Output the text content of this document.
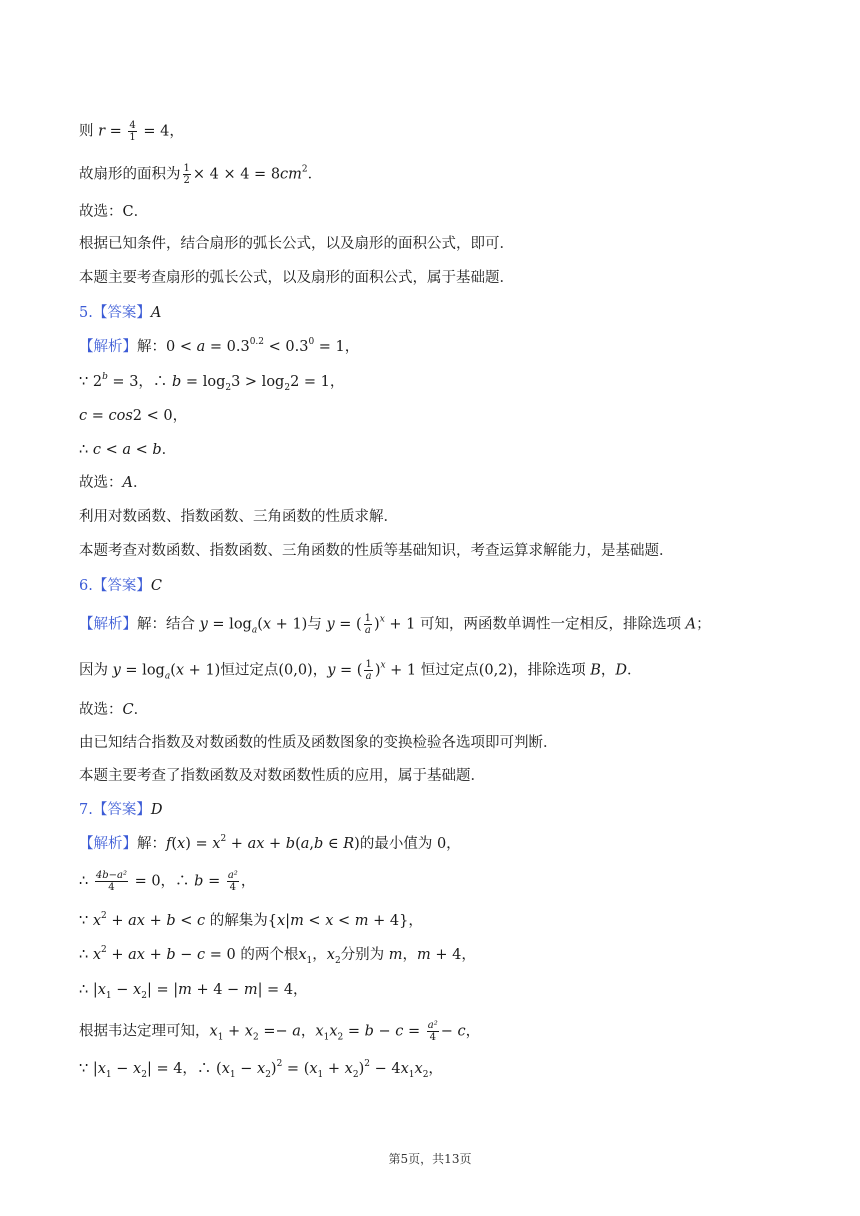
则 $r = \frac{4}{1} = 4$，
故扇形的面积为 $\frac{1}{2} \times 4 \times 4 = 8cm^2$．
故选：C．
根据已知条件，结合扇形的弧长公式，以及扇形的面积公式，即可．
本题主要考查扇形的弧长公式，以及扇形的面积公式，属于基础题．
5.【答案】A
【解析】解：$0 < a = 0.3^{0.2} < 0.3^0 = 1$，
∵ $2^b = 3$，∴ $b = \log_23 > \log_22 = 1$，
c = cos2 < 0，
∴ c < a < b．
故选：A．
利用对数函数、指数函数、三角函数的性质求解．
本题考查对数函数、指数函数、三角函数的性质等基础知识，考查运算求解能力，是基础题．
6.【答案】C
【解析】解：结合 $y = \log_a(x + 1)$与 y = ( $\frac{1}{a} )^x + 1$ 可知，两函数单调性一定相反，排除选项 A；
因为 $y = \log_a(x + 1)$恒过定点(0,0)，y = ( $\frac{1}{a} )^x + 1$ 恒过定点(0,2)，排除选项 B，D．
故选：C．
由已知结合指数及对数函数的性质及函数图象的变换检验各选项即可判断．
本题主要考查了指数函数及对数函数性质的应用，属于基础题．
7.【答案】D
【解析】解：$f(x) = x^2$ + ax + b(a,b ∈ R)的最小值为 0，
∴ $\frac{\text{4b−a²}}{4} = 0$，∴ $b = \frac{\text{a²}}{4}$ ，
∵ $x^2$ + ax + b < c 的解集为{x|m < x < m + 4}，
∴ $x^2$ + ax + b − c = 0 的两个根$x_1$，$x_2$分别为 m，m + 4，
∴ $|x_1 - x_2| = |m + 4 - m| = 4$，
根据韦达定理可知，$x_1 + x_2 =- a$，$x_1x_2 = b - c = \frac{\text{a²}}{4} - c$，
∵ $|x_1 - x_2| = 4$，∴ $(x_1 - x_2)^2 = (x_1 + x_2)^2 - 4x_1x_2$，
第5页，共13页
